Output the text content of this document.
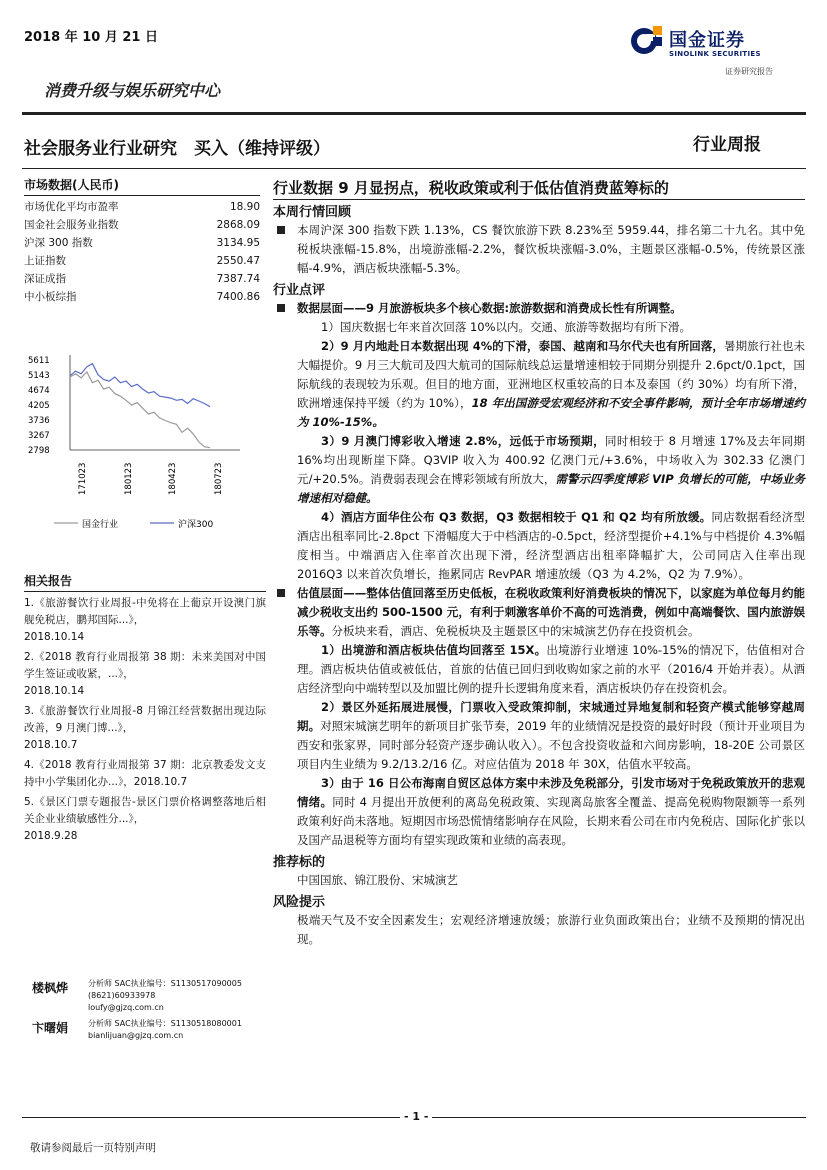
2018 年 10 月 21 日	国金证券
SINOLINK SECURITIES
证券研究报告
消费升级与娱乐研究中心
社会服务业行业研究　买入（维持评级）	行业周报
市场数据(人民币)
市场优化平均市盈率	18.90
国金社会服务业指数	2868.09
沪深 300 指数	3134.95
上证指数	2550.47
深证成指	7387.74
中小板综指	7400.86
5611
5143
4674
4205
3736
3267
2798
171023	180123	180423	180723
国金行业	沪深300
相关报告
1.《旅游餐饮行业周报-中免将在上葡京开设澳门旗舰免税店，鹏邦国际...》，
2018.10.14
2.《2018 教育行业周报第 38 期：未来美国对中国学生签证或收紧，...》，
2018.10.14
3.《旅游餐饮行业周报-8 月锦江经营数据出现边际改善，9 月澳门博...》，
2018.10.7
4.《2018 教育行业周报第 37 期：北京教委发文支持中小学集团化办...》，2018.10.7
5.《景区门票专题报告-景区门票价格调整落地后相关企业业绩敏感性分...》，
2018.9.28
楼枫烨 分析师 SAC执业编号：S1130517090005
(8621)60933978
loufy@gjzq.com.cn
卞曙娟 分析师 SAC执业编号：S1130518080001
bianlijuan@gjzq.com.cn
行业数据 9 月显拐点，税收政策或利于低估值消费蓝筹标的
本周行情回顾
本周沪深 300 指数下跌 1.13%，CS 餐饮旅游下跌 8.23%至 5959.44，排名第二十九名。其中免税板块涨幅-15.8%，出境游涨幅-2.2%，餐饮板块涨幅-3.0%，主题景区涨幅-0.5%，传统景区涨幅-4.9%，酒店板块涨幅-5.3%。
行业点评
数据层面——9 月旅游板块多个核心数据:旅游数据和消费成长性有所调整。
1）国庆数据七年来首次回落 10%以内。交通、旅游等数据均有所下滑。
2）9 月内地赴日本数据出现 4%的下滑，泰国、越南和马尔代夫也有所回落，暑期旅行社也未大幅提价。9 月三大航司及四大航司的国际航线总运量增速相较于同期分别提升 2.6pct/0.1pct，国际航线的表现较为乐观。但目的地方面，亚洲地区权重较高的日本及泰国（约 30%）均有所下滑，欧洲增速保持平缓（约为 10%），18 年出国游受宏观经济和不安全事件影响，预计全年市场增速约为 10%-15%。
3）9 月澳门博彩收入增速 2.8%，远低于市场预期，同时相较于 8 月增速 17%及去年同期 16%均出现断崖下降。Q3VIP 收入为 400.92 亿澳门元/+3.6%，中场收入为 302.33 亿澳门元/+20.5%。消费弱表现会在博彩领域有所放大，需警示四季度博彩 VIP 负增长的可能，中场业务增速相对稳健。
4）酒店方面华住公布 Q3 数据，Q3 数据相较于 Q1 和 Q2 均有所放缓。同店数据看经济型酒店出租率同比-2.8pct 下滑幅度大于中档酒店的-0.5pct，经济型提价+4.1%与中档提价 4.3%幅度相当。中端酒店入住率首次出现下滑，经济型酒店出租率降幅扩大，公司同店入住率出现 2016Q3 以来首次负增长，拖累同店 RevPAR 增速放缓（Q3 为 4.2%，Q2 为 7.9%）。
估值层面——整体估值回落至历史低板，在税收政策利好消费板块的情况下，以家庭为单位每月约能减少税收支出约 500-1500 元，有利于刺激客单价不高的可选消费，例如中高端餐饮、国内旅游娱乐等。分板块来看，酒店、免税板块及主题景区中的宋城演艺仍存在投资机会。
1）出境游和酒店板块估值均回落至 15X。出境游行业增速 10%-15%的情况下，估值相对合理。酒店板块估值或被低估，首旅的估值已回归到收购如家之前的水平（2016/4 开始并表）。从酒店经济型向中端转型以及加盟比例的提升长逻辑角度来看，酒店板块仍存在投资机会。
2）景区外延拓展进展慢，门票收入受政策抑制，宋城通过异地复制和轻资产模式能够穿越周期。对照宋城演艺明年的新项目扩张节奏，2019 年的业绩情况是投资的最好时段（预计开业项目为西安和张家界，同时部分轻资产逐步确认收入）。不包含投资收益和六间房影响，18-20E 公司景区项目内生业绩为 9.2/13.2/16 亿。对应估值为 2018 年 30X，估值水平较高。
3）由于 16 日公布海南自贸区总体方案中未涉及免税部分，引发市场对于免税政策放开的悲观情绪。同时 4 月提出开放便利的离岛免税政策、实现离岛旅客全覆盖、提高免税购物限额等一系列政策利好尚未落地。短期因市场恐慌情绪影响存在风险，长期来看公司在市内免税店、国际化扩张以及国产品退税等方面均有望实现政策和业绩的高表现。
推荐标的
中国国旅、锦江股份、宋城演艺
风险提示
极端天气及不安全因素发生；宏观经济增速放缓；旅游行业负面政策出台；业绩不及预期的情况出现。
- 1 -
敬请参阅最后一页特别声明
